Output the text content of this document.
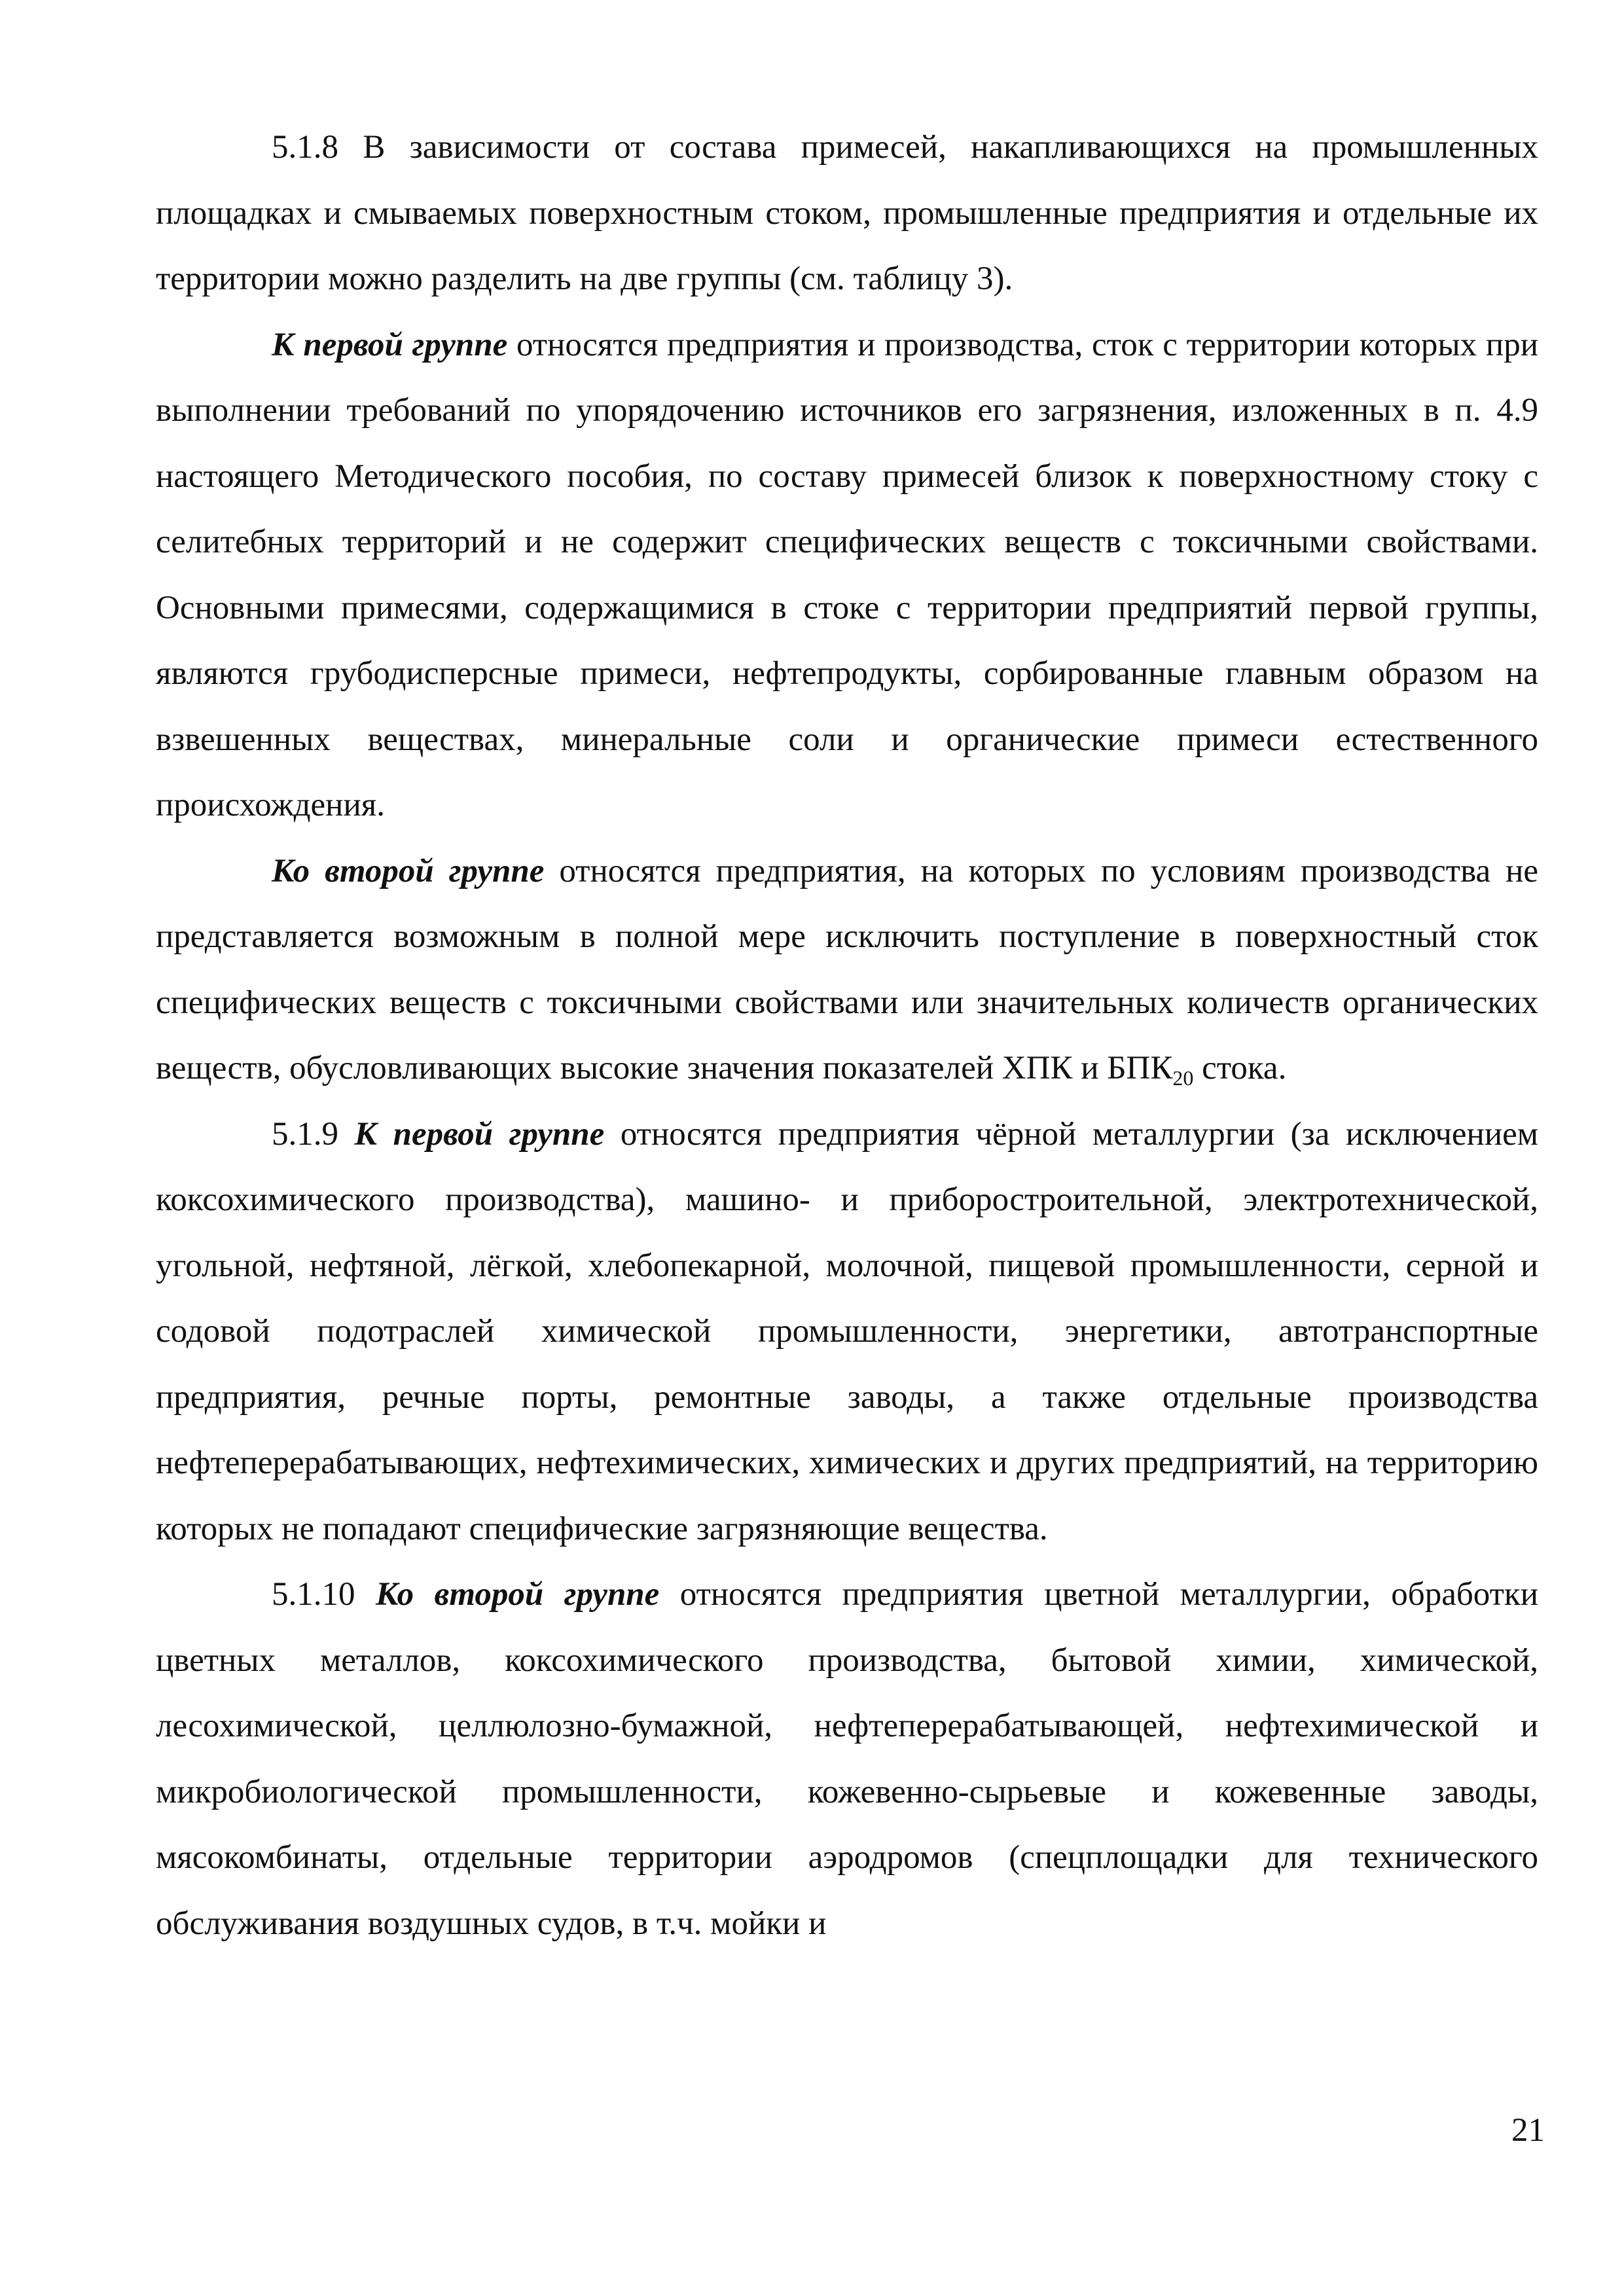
5.1.8 В зависимости от состава примесей, накапливающихся на промышленных площадках и смываемых поверхностным стоком, промышленные предприятия и отдельные их территории можно разделить на две группы (см. таблицу 3).

К первой группе относятся предприятия и производства, сток с территории которых при выполнении требований по упорядочению источников его загрязнения, изложенных в п. 4.9 настоящего Методического пособия, по составу примесей близок к поверхностному стоку с селитебных территорий и не содержит специфических веществ с токсичными свойствами. Основными примесями, содержащимися в стоке с территории предприятий первой группы, являются грубодисперсные примеси, нефтепродукты, сорбированные главным образом на взвешенных веществах, минеральные соли и органические примеси естественного происхождения.

Ко второй группе относятся предприятия, на которых по условиям производства не представляется возможным в полной мере исключить поступление в поверхностный сток специфических веществ с токсичными свойствами или значительных количеств органических веществ, обусловливающих высокие значения показателей ХПК и $БПК_{20}$ стока.

5.1.9 К первой группе относятся предприятия чёрной металлургии (за исключением коксохимического производства), машино- и приборостроительной, электротехнической, угольной, нефтяной, лёгкой, хлебопекарной, молочной, пищевой промышленности, серной и содовой подотраслей химической промышленности, энергетики, автотранспортные предприятия, речные порты, ремонтные заводы, а также отдельные производства нефтеперерабатывающих, нефтехимических, химических и других предприятий, на территорию которых не попадают специфические загрязняющие вещества.

5.1.10 Ко второй группе относятся предприятия цветной металлургии, обработки цветных металлов, коксохимического производства, бытовой химии, химической, лесохимической, целлюлозно-бумажной, нефтеперерабатывающей, нефтехимической и микробиологической промышленности, кожевенно-сырьевые и кожевенные заводы, мясокомбинаты, отдельные территории аэродромов (спецплощадки для технического обслуживания воздушных судов, в т.ч. мойки и

21
